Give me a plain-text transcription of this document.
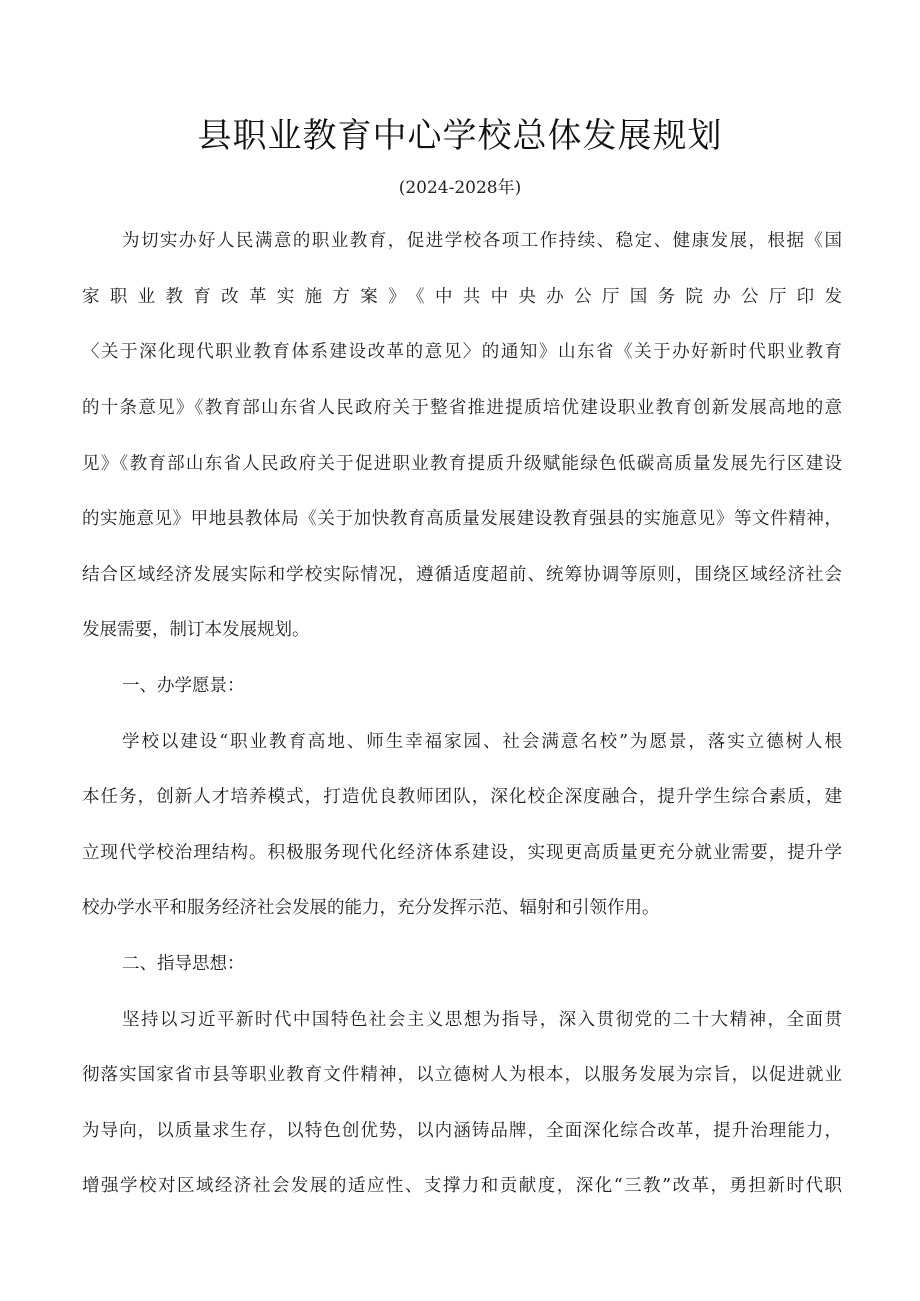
县职业教育中心学校总体发展规划
(2024-2028年)
为切实办好人民满意的职业教育，促进学校各项工作持续、稳定、健康发展，根据《国
家职业教育改革实施方案》《中共中央办公厅国务院办公厅印发
〈关于深化现代职业教育体系建设改革的意见〉的通知》山东省《关于办好新时代职业教育
的十条意见》《教育部山东省人民政府关于整省推进提质培优建设职业教育创新发展高地的意
见》《教育部山东省人民政府关于促进职业教育提质升级赋能绿色低碳高质量发展先行区建设
的实施意见》甲地县教体局《关于加快教育高质量发展建设教育强县的实施意见》等文件精神，
结合区域经济发展实际和学校实际情况，遵循适度超前、统筹协调等原则，围绕区域经济社会
发展需要，制订本发展规划。
一、办学愿景：
学校以建设“职业教育高地、师生幸福家园、社会满意名校”为愿景，落实立德树人根
本任务，创新人才培养模式，打造优良教师团队，深化校企深度融合，提升学生综合素质，建
立现代学校治理结构。积极服务现代化经济体系建设，实现更高质量更充分就业需要，提升学
校办学水平和服务经济社会发展的能力，充分发挥示范、辐射和引领作用。
二、指导思想：
坚持以习近平新时代中国特色社会主义思想为指导，深入贯彻党的二十大精神，全面贯
彻落实国家省市县等职业教育文件精神，以立德树人为根本，以服务发展为宗旨，以促进就业
为导向，以质量求生存，以特色创优势，以内涵铸品牌，全面深化综合改革，提升治理能力，
增强学校对区域经济社会发展的适应性、支撑力和贡献度，深化“三教”改革，勇担新时代职
